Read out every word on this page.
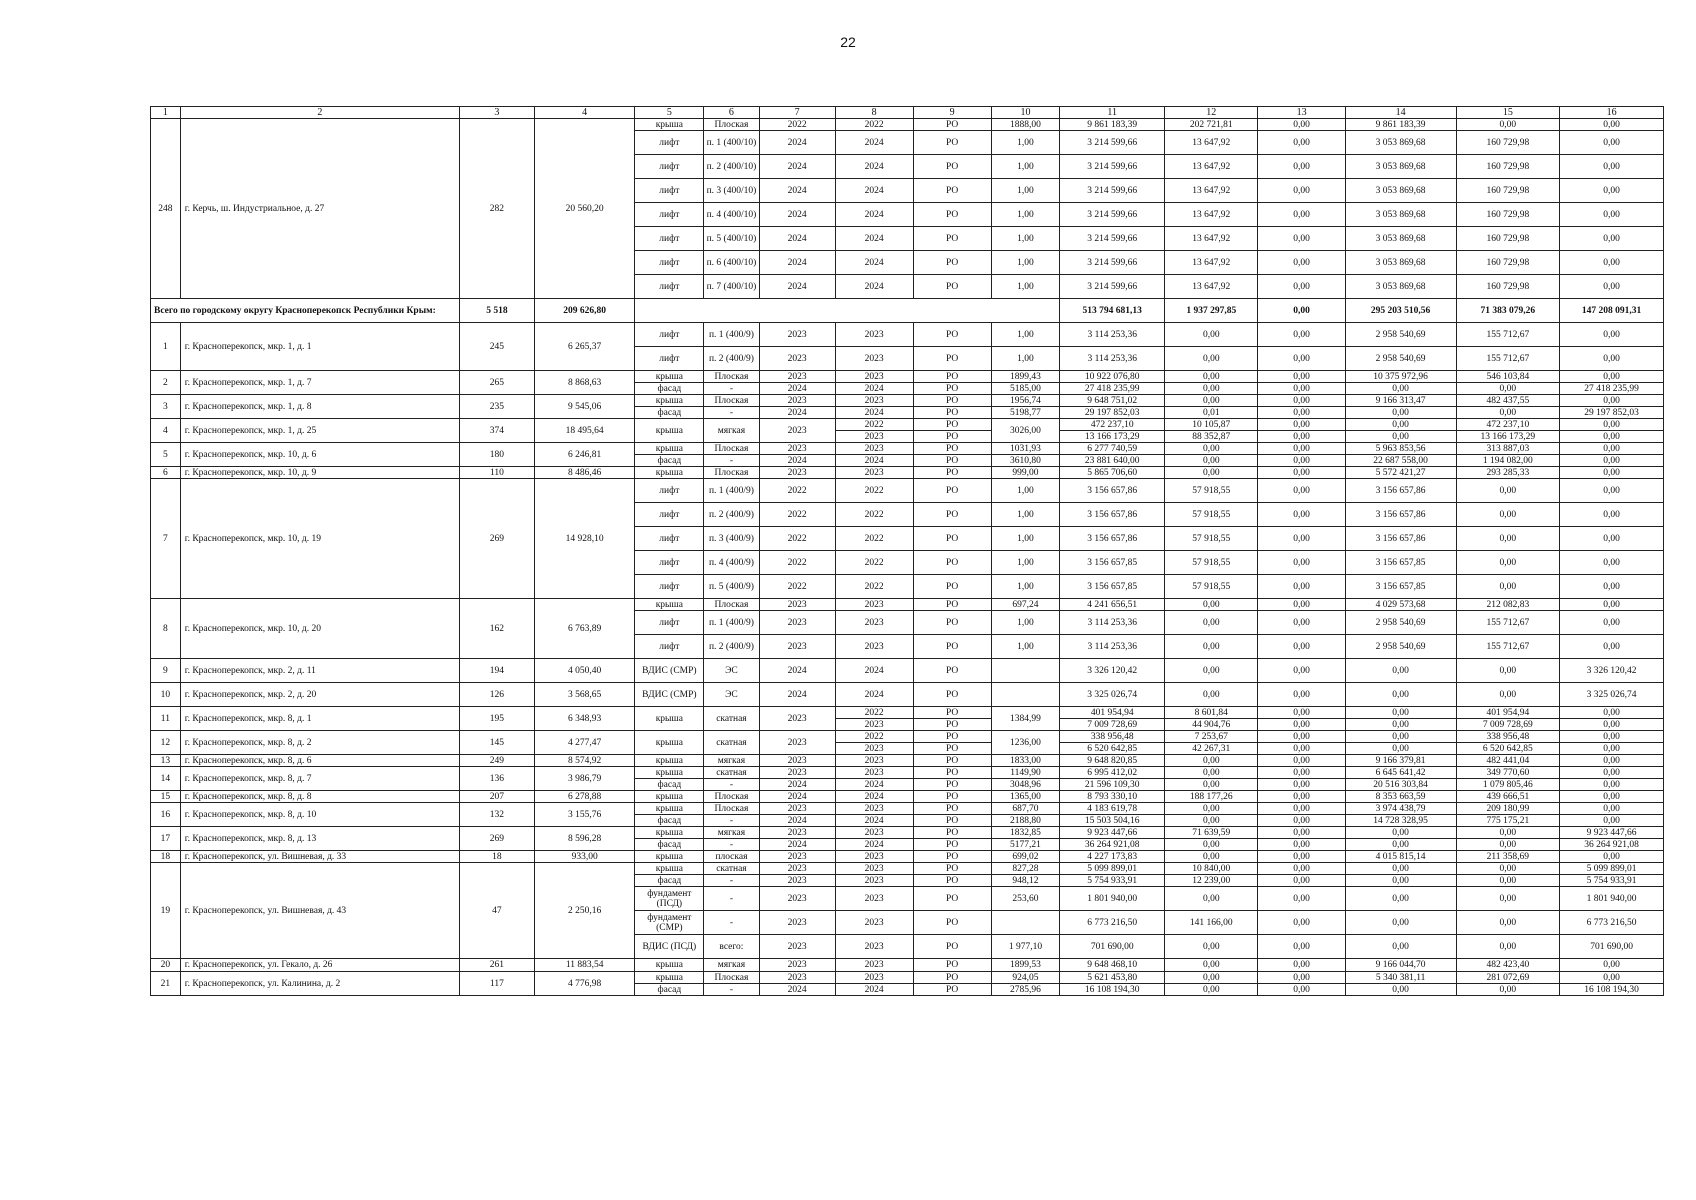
22
1	2	3	4	5	6	7	8	9	10	11	12	13	14	15	16
248	г. Керчь, ш. Индустриальное, д. 27	282	20 560,20	крыша	Плоская	2022	2022	РО	1888,00	9 861 183,39	202 721,81	0,00	9 861 183,39	0,00	0,00
				лифт	п. 1 (400/10)	2024	2024	РО	1,00	3 214 599,66	13 647,92	0,00	3 053 869,68	160 729,98	0,00
				лифт	п. 2 (400/10)	2024	2024	РО	1,00	3 214 599,66	13 647,92	0,00	3 053 869,68	160 729,98	0,00
				лифт	п. 3 (400/10)	2024	2024	РО	1,00	3 214 599,66	13 647,92	0,00	3 053 869,68	160 729,98	0,00
				лифт	п. 4 (400/10)	2024	2024	РО	1,00	3 214 599,66	13 647,92	0,00	3 053 869,68	160 729,98	0,00
				лифт	п. 5 (400/10)	2024	2024	РО	1,00	3 214 599,66	13 647,92	0,00	3 053 869,68	160 729,98	0,00
				лифт	п. 6 (400/10)	2024	2024	РО	1,00	3 214 599,66	13 647,92	0,00	3 053 869,68	160 729,98	0,00
				лифт	п. 7 (400/10)	2024	2024	РО	1,00	3 214 599,66	13 647,92	0,00	3 053 869,68	160 729,98	0,00
Всего по городскому округу Красноперекопск Республики Крым:		5 518	209 626,80							513 794 681,13	1 937 297,85	0,00	295 203 510,56	71 383 079,26	147 208 091,31
1	г. Красноперекопск, мкр. 1, д. 1	245	6 265,37	лифт	п. 1 (400/9)	2023	2023	РО	1,00	3 114 253,36	0,00	0,00	2 958 540,69	155 712,67	0,00
				лифт	п. 2 (400/9)	2023	2023	РО	1,00	3 114 253,36	0,00	0,00	2 958 540,69	155 712,67	0,00
2	г. Красноперекопск, мкр. 1, д. 7	265	8 868,63	крыша	Плоская	2023	2023	РО	1899,43	10 922 076,80	0,00	0,00	10 375 972,96	546 103,84	0,00
				фасад	-	2024	2024	РО	5185,00	27 418 235,99	0,00	0,00	0,00	0,00	27 418 235,99
3	г. Красноперекопск, мкр. 1, д. 8	235	9 545,06	крыша	Плоская	2023	2023	РО	1956,74	9 648 751,02	0,00	0,00	9 166 313,47	482 437,55	0,00
				фасад	-	2024	2024	РО	5198,77	29 197 852,03	0,01	0,00	0,00	0,00	29 197 852,03
4	г. Красноперекопск, мкр. 1, д. 25	374	18 495,64	крыша	мягкая	2023	2022	РО	3026,00	472 237,10	10 105,87	0,00	0,00	472 237,10	0,00
							2023	РО		13 166 173,29	88 352,87	0,00	0,00	13 166 173,29	0,00
5	г. Красноперекопск, мкр. 10, д. 6	180	6 246,81	крыша	Плоская	2023	2023	РО	1031,93	6 277 740,59	0,00	0,00	5 963 853,56	313 887,03	0,00
				фасад	-	2024	2024	РО	3610,80	23 881 640,00	0,00	0,00	22 687 558,00	1 194 082,00	0,00
6	г. Красноперекопск, мкр. 10, д. 9	110	8 486,46	крыша	Плоская	2023	2023	РО	999,00	5 865 706,60	0,00	0,00	5 572 421,27	293 285,33	0,00
7	г. Красноперекопск, мкр. 10, д. 19	269	14 928,10	лифт	п. 1 (400/9)	2022	2022	РО	1,00	3 156 657,86	57 918,55	0,00	3 156 657,86	0,00	0,00
				лифт	п. 2 (400/9)	2022	2022	РО	1,00	3 156 657,86	57 918,55	0,00	3 156 657,86	0,00	0,00
				лифт	п. 3 (400/9)	2022	2022	РО	1,00	3 156 657,86	57 918,55	0,00	3 156 657,86	0,00	0,00
				лифт	п. 4 (400/9)	2022	2022	РО	1,00	3 156 657,85	57 918,55	0,00	3 156 657,85	0,00	0,00
				лифт	п. 5 (400/9)	2022	2022	РО	1,00	3 156 657,85	57 918,55	0,00	3 156 657,85	0,00	0,00
8	г. Красноперекопск, мкр. 10, д. 20	162	6 763,89	крыша	Плоская	2023	2023	РО	697,24	4 241 656,51	0,00	0,00	4 029 573,68	212 082,83	0,00
				лифт	п. 1 (400/9)	2023	2023	РО	1,00	3 114 253,36	0,00	0,00	2 958 540,69	155 712,67	0,00
				лифт	п. 2 (400/9)	2023	2023	РО	1,00	3 114 253,36	0,00	0,00	2 958 540,69	155 712,67	0,00
9	г. Красноперекопск, мкр. 2, д. 11	194	4 050,40	ВДИС (СМР)	ЭС	2024	2024	РО		3 326 120,42	0,00	0,00	0,00	0,00	3 326 120,42
10	г. Красноперекопск, мкр. 2, д. 20	126	3 568,65	ВДИС (СМР)	ЭС	2024	2024	РО		3 325 026,74	0,00	0,00	0,00	0,00	3 325 026,74
11	г. Красноперекопск, мкр. 8, д. 1	195	6 348,93	крыша	скатная	2023	2022	РО	1384,99	401 954,94	8 601,84	0,00	0,00	401 954,94	0,00
							2023	РО		7 009 728,69	44 904,76	0,00	0,00	7 009 728,69	0,00
12	г. Красноперекопск, мкр. 8, д. 2	145	4 277,47	крыша	скатная	2023	2022	РО	1236,00	338 956,48	7 253,67	0,00	0,00	338 956,48	0,00
							2023	РО		6 520 642,85	42 267,31	0,00	0,00	6 520 642,85	0,00
13	г. Красноперекопск, мкр. 8, д. 6	249	8 574,92	крыша	мягкая	2023	2023	РО	1833,00	9 648 820,85	0,00	0,00	9 166 379,81	482 441,04	0,00
14	г. Красноперекопск, мкр. 8, д. 7	136	3 986,79	крыша	скатная	2023	2023	РО	1149,90	6 995 412,02	0,00	0,00	6 645 641,42	349 770,60	0,00
				фасад	-	2024	2024	РО	3048,96	21 596 109,30	0,00	0,00	20 516 303,84	1 079 805,46	0,00
15	г. Красноперекопск, мкр. 8, д. 8	207	6 278,88	крыша	Плоская	2024	2024	РО	1365,00	8 793 330,10	188 177,26	0,00	8 353 663,59	439 666,51	0,00
16	г. Красноперекопск, мкр. 8, д. 10	132	3 155,76	крыша	Плоская	2023	2023	РО	687,70	4 183 619,78	0,00	0,00	3 974 438,79	209 180,99	0,00
				фасад	-	2024	2024	РО	2188,80	15 503 504,16	0,00	0,00	14 728 328,95	775 175,21	0,00
17	г. Красноперекопск, мкр. 8, д. 13	269	8 596,28	крыша	мягкая	2023	2023	РО	1832,85	9 923 447,66	71 639,59	0,00	0,00	0,00	9 923 447,66
				фасад	-	2024	2024	РО	5177,21	36 264 921,08	0,00	0,00	0,00	0,00	36 264 921,08
18	г. Красноперекопск, ул. Вишневая, д. 33	18	933,00	крыша	плоская	2023	2023	РО	699,02	4 227 173,83	0,00	0,00	4 015 815,14	211 358,69	0,00
19	г. Красноперекопск, ул. Вишневая, д. 43	47	2 250,16	крыша	скатная	2023	2023	РО	827,28	5 099 899,01	10 840,00	0,00	0,00	0,00	5 099 899,01
				фасад	-	2023	2023	РО	948,12	5 754 933,91	12 239,00	0,00	0,00	0,00	5 754 933,91
				фундамент (ПСД)	-	2023	2023	РО	253,60	1 801 940,00	0,00	0,00	0,00	0,00	1 801 940,00
				фундамент (СМР)	-	2023	2023	РО		6 773 216,50	141 166,00	0,00	0,00	0,00	6 773 216,50
				ВДИС (ПСД)	всего:	2023	2023	РО	1 977,10	701 690,00	0,00	0,00	0,00	0,00	701 690,00
20	г. Красноперекопск, ул. Гекало, д. 26	261	11 883,54	крыша	мягкая	2023	2023	РО	1899,53	9 648 468,10	0,00	0,00	9 166 044,70	482 423,40	0,00
21	г. Красноперекопск, ул. Калинина, д. 2	117	4 776,98	крыша	Плоская	2023	2023	РО	924,05	5 621 453,80	0,00	0,00	5 340 381,11	281 072,69	0,00
				фасад	-	2024	2024	РО	2785,96	16 108 194,30	0,00	0,00	0,00	0,00	16 108 194,30
